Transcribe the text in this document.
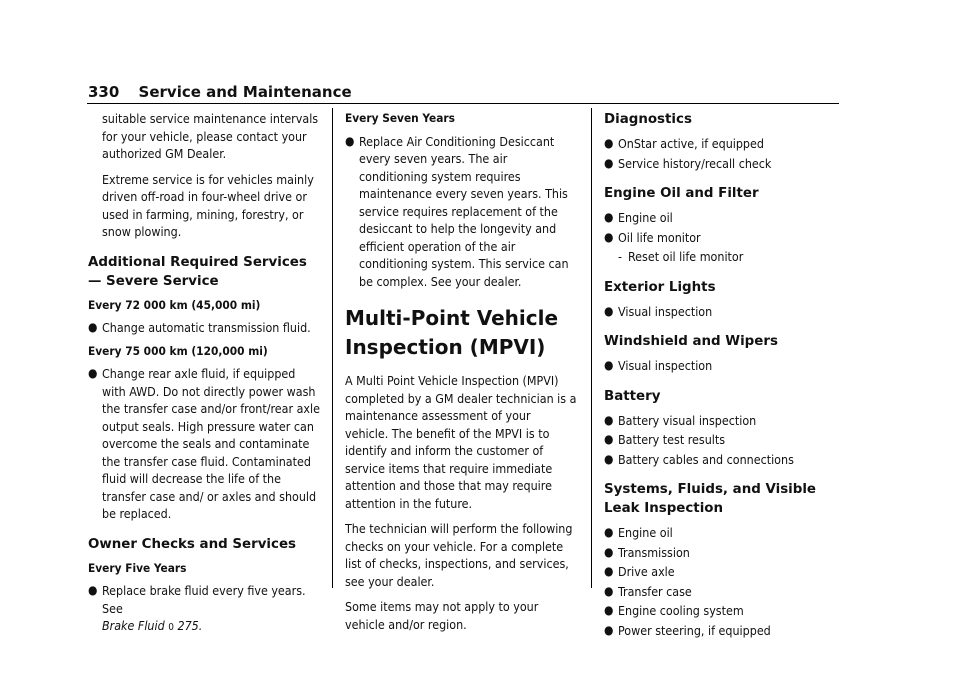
330 Service and Maintenance

suitable service maintenance intervals for your vehicle, please contact your authorized GM Dealer.

Extreme service is for vehicles mainly driven off-road in four-wheel drive or used in farming, mining, forestry, or snow plowing.

Additional Required Services — Severe Service
Every 72 000 km (45,000 mi)
● Change automatic transmission fluid.
Every 75 000 km (120,000 mi)
● Change rear axle fluid, if equipped with AWD. Do not directly power wash the transfer case and/or front/rear axle output seals. High pressure water can overcome the seals and contaminate the transfer case fluid. Contaminated fluid will decrease the life of the transfer case and/ or axles and should be replaced.
Owner Checks and Services
Every Five Years
● Replace brake fluid every five years. See
Brake Fluid 0 275.
Every Seven Years
● Replace Air Conditioning Desiccant every seven years. The air conditioning system requires maintenance every seven years. This service requires replacement of the desiccant to help the longevity and efficient operation of the air conditioning system. This service can be complex. See your dealer.
Multi-Point Vehicle Inspection (MPVI)

A Multi Point Vehicle Inspection (MPVI) completed by a GM dealer technician is a maintenance assessment of your vehicle. The benefit of the MPVI is to identify and inform the customer of service items that require immediate attention and those that may require attention in the future.

The technician will perform the following checks on your vehicle. For a complete list of checks, inspections, and services, see your dealer.

Some items may not apply to your vehicle and/or region.

Diagnostics
● OnStar active, if equipped
● Service history/recall check
Engine Oil and Filter
● Engine oil
● Oil life monitor
- Reset oil life monitor
Exterior Lights
● Visual inspection
Windshield and Wipers
● Visual inspection
Battery
● Battery visual inspection
● Battery test results
● Battery cables and connections
Systems, Fluids, and Visible Leak Inspection
● Engine oil
● Transmission
● Drive axle
● Transfer case
● Engine cooling system
● Power steering, if equipped
